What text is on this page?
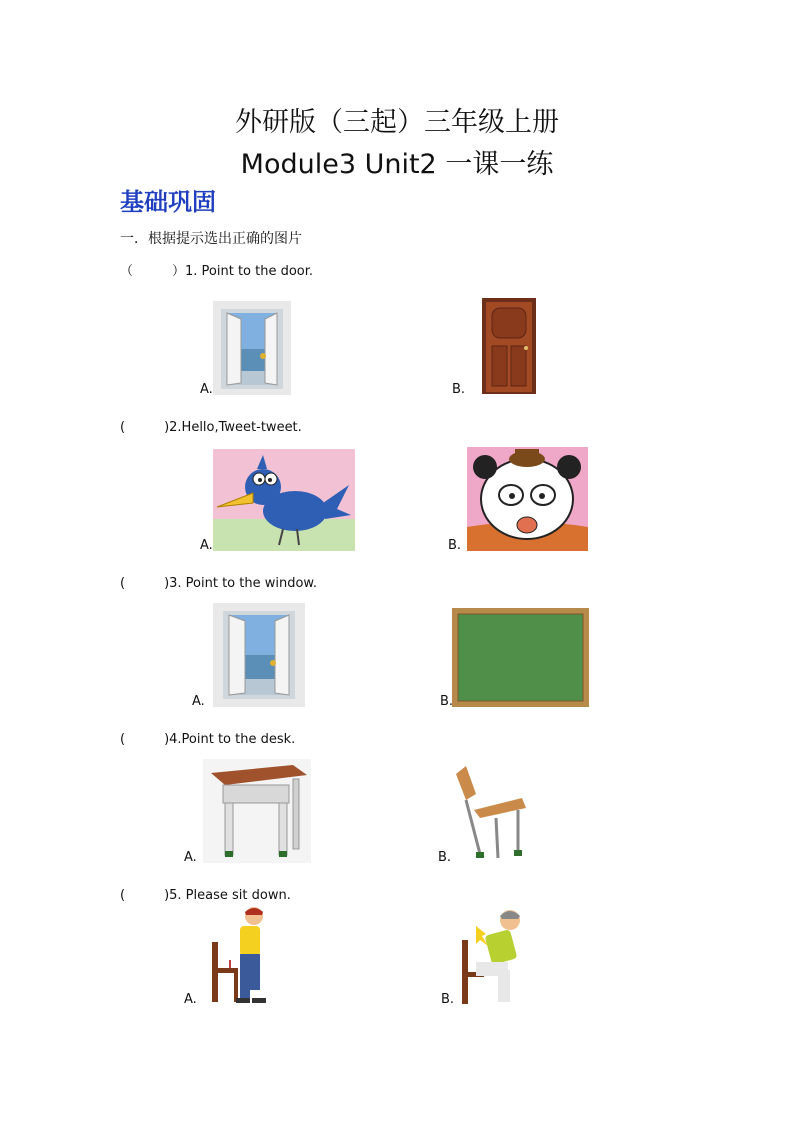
外研版（三起）三年级上册
Module3 Unit2 一课一练
基础巩固
一．根据提示选出正确的图片
（　　　）1. Point to the door.
A.	B.
(　　　)2.Hello,Tweet-tweet.
A.	B.
(　　　)3. Point to the window.
A.	B.
(　　　)4.Point to the desk.
A.	B.
(　　　)5. Please sit down.
A.	B.
